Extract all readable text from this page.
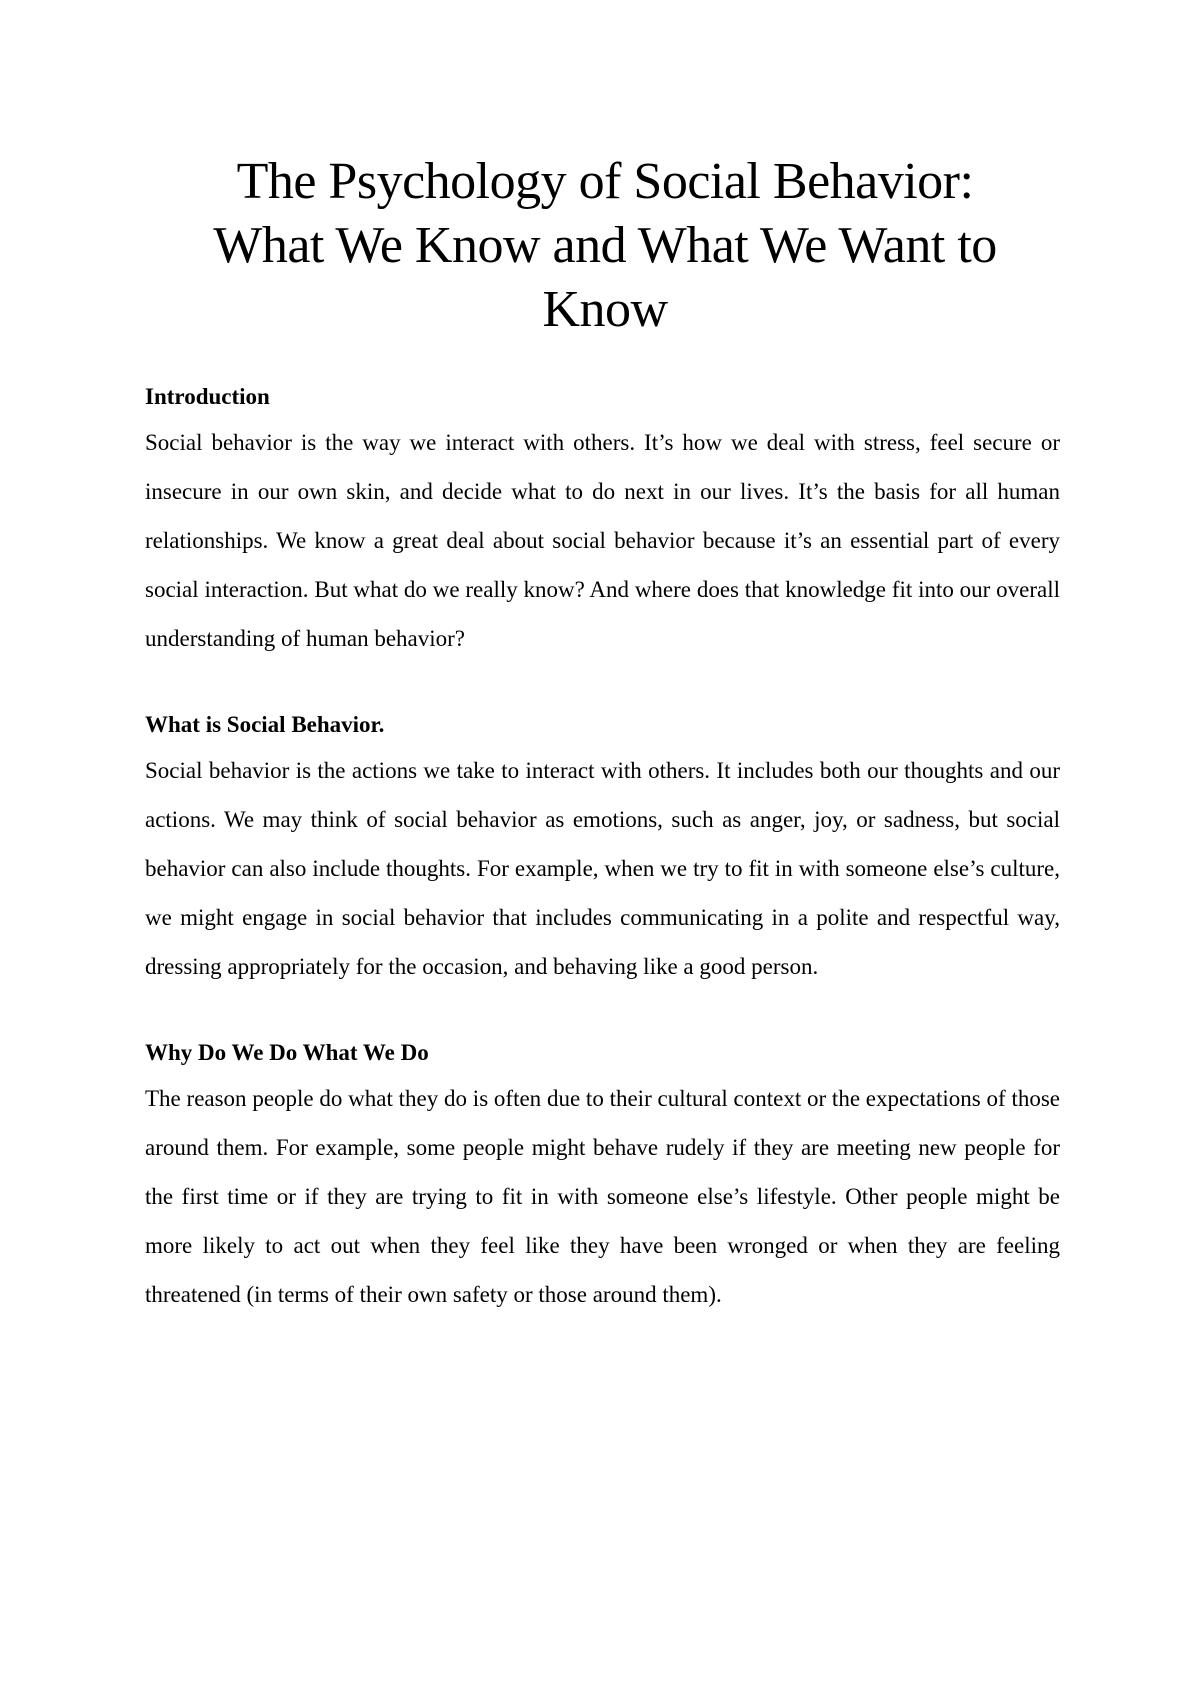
The Psychology of Social Behavior:
What We Know and What We Want to
Know

Introduction

Social behavior is the way we interact with others. It’s how we deal with stress, feel secure or insecure in our own skin, and decide what to do next in our lives. It’s the basis for all human relationships. We know a great deal about social behavior because it’s an essential part of every social interaction. But what do we really know? And where does that knowledge fit into our overall understanding of human behavior?

What is Social Behavior.

Social behavior is the actions we take to interact with others. It includes both our thoughts and our actions. We may think of social behavior as emotions, such as anger, joy, or sadness, but social behavior can also include thoughts. For example, when we try to fit in with someone else’s culture, we might engage in social behavior that includes communicating in a polite and respectful way, dressing appropriately for the occasion, and behaving like a good person.

Why Do We Do What We Do

The reason people do what they do is often due to their cultural context or the expectations of those around them. For example, some people might behave rudely if they are meeting new people for the first time or if they are trying to fit in with someone else’s lifestyle. Other people might be more likely to act out when they feel like they have been wronged or when they are feeling threatened (in terms of their own safety or those around them).
